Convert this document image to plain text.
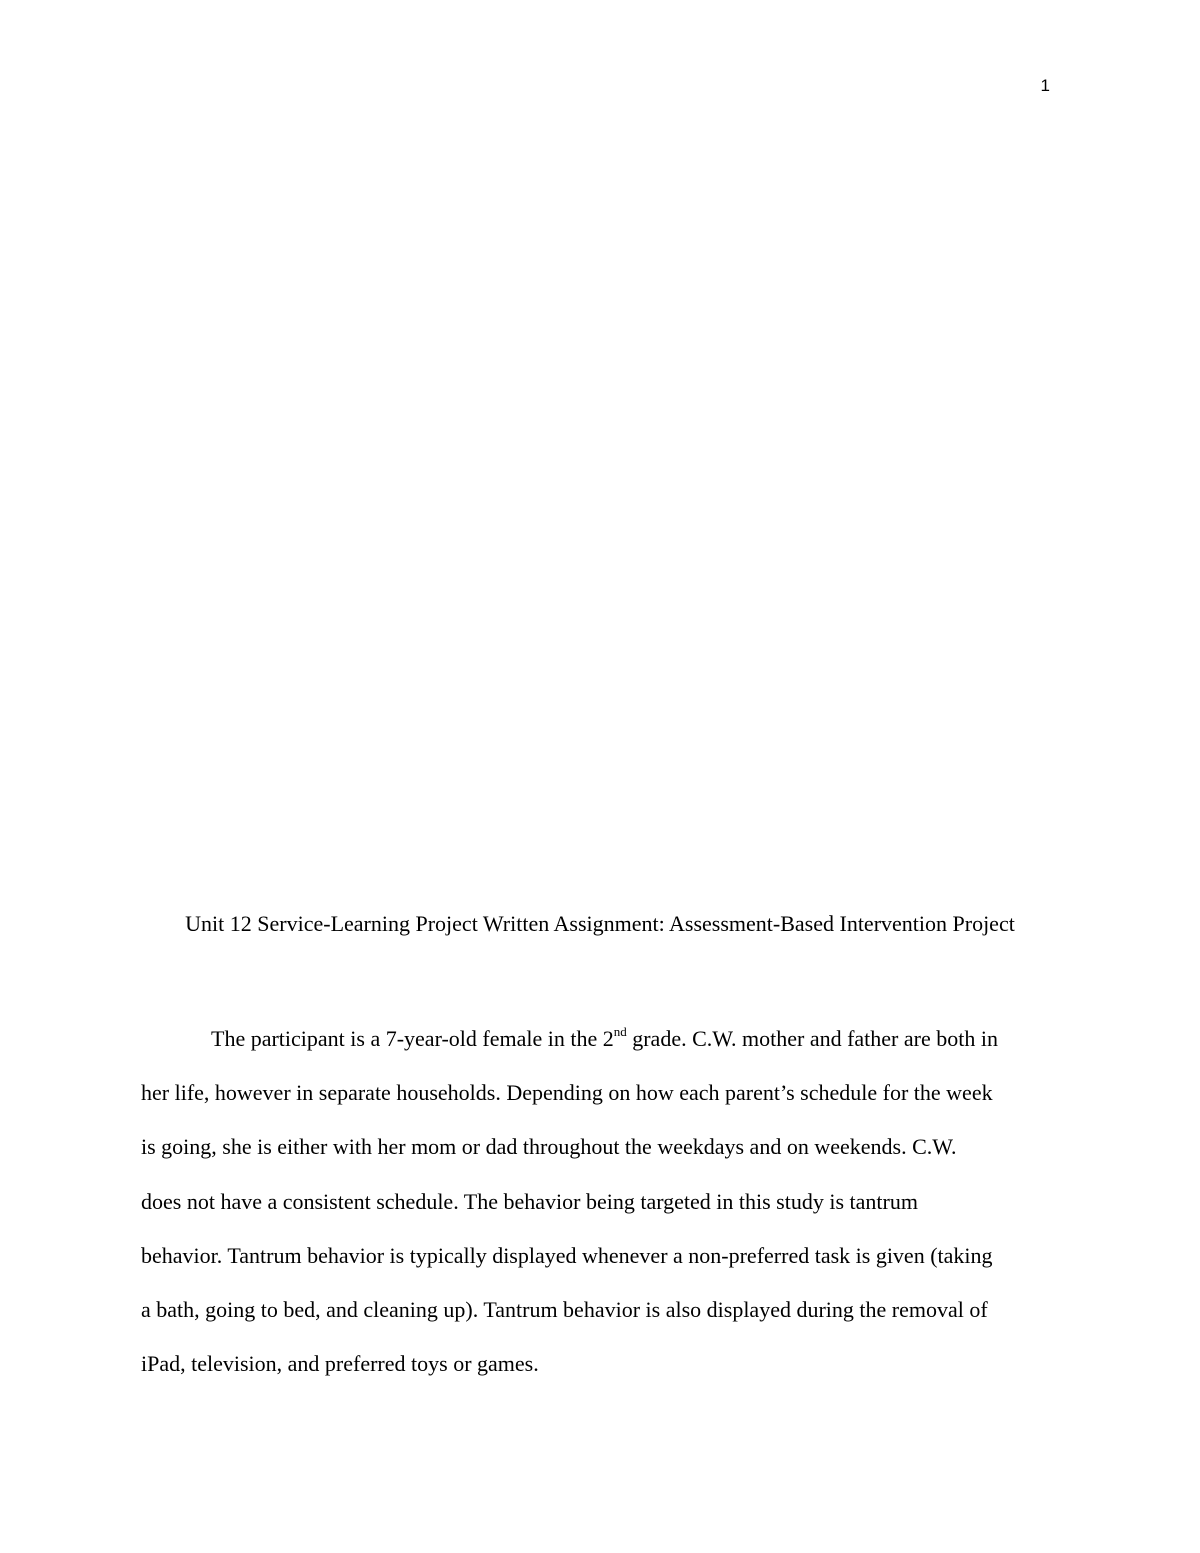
1
Unit 12 Service-Learning Project Written Assignment: Assessment-Based Intervention Project
The participant is a 7-year-old female in the 2nd grade. C.W. mother and father are both in
her life, however in separate households. Depending on how each parent’s schedule for the week
is going, she is either with her mom or dad throughout the weekdays and on weekends. C.W.
does not have a consistent schedule. The behavior being targeted in this study is tantrum
behavior. Tantrum behavior is typically displayed whenever a non-preferred task is given (taking
a bath, going to bed, and cleaning up). Tantrum behavior is also displayed during the removal of
iPad, television, and preferred toys or games.
